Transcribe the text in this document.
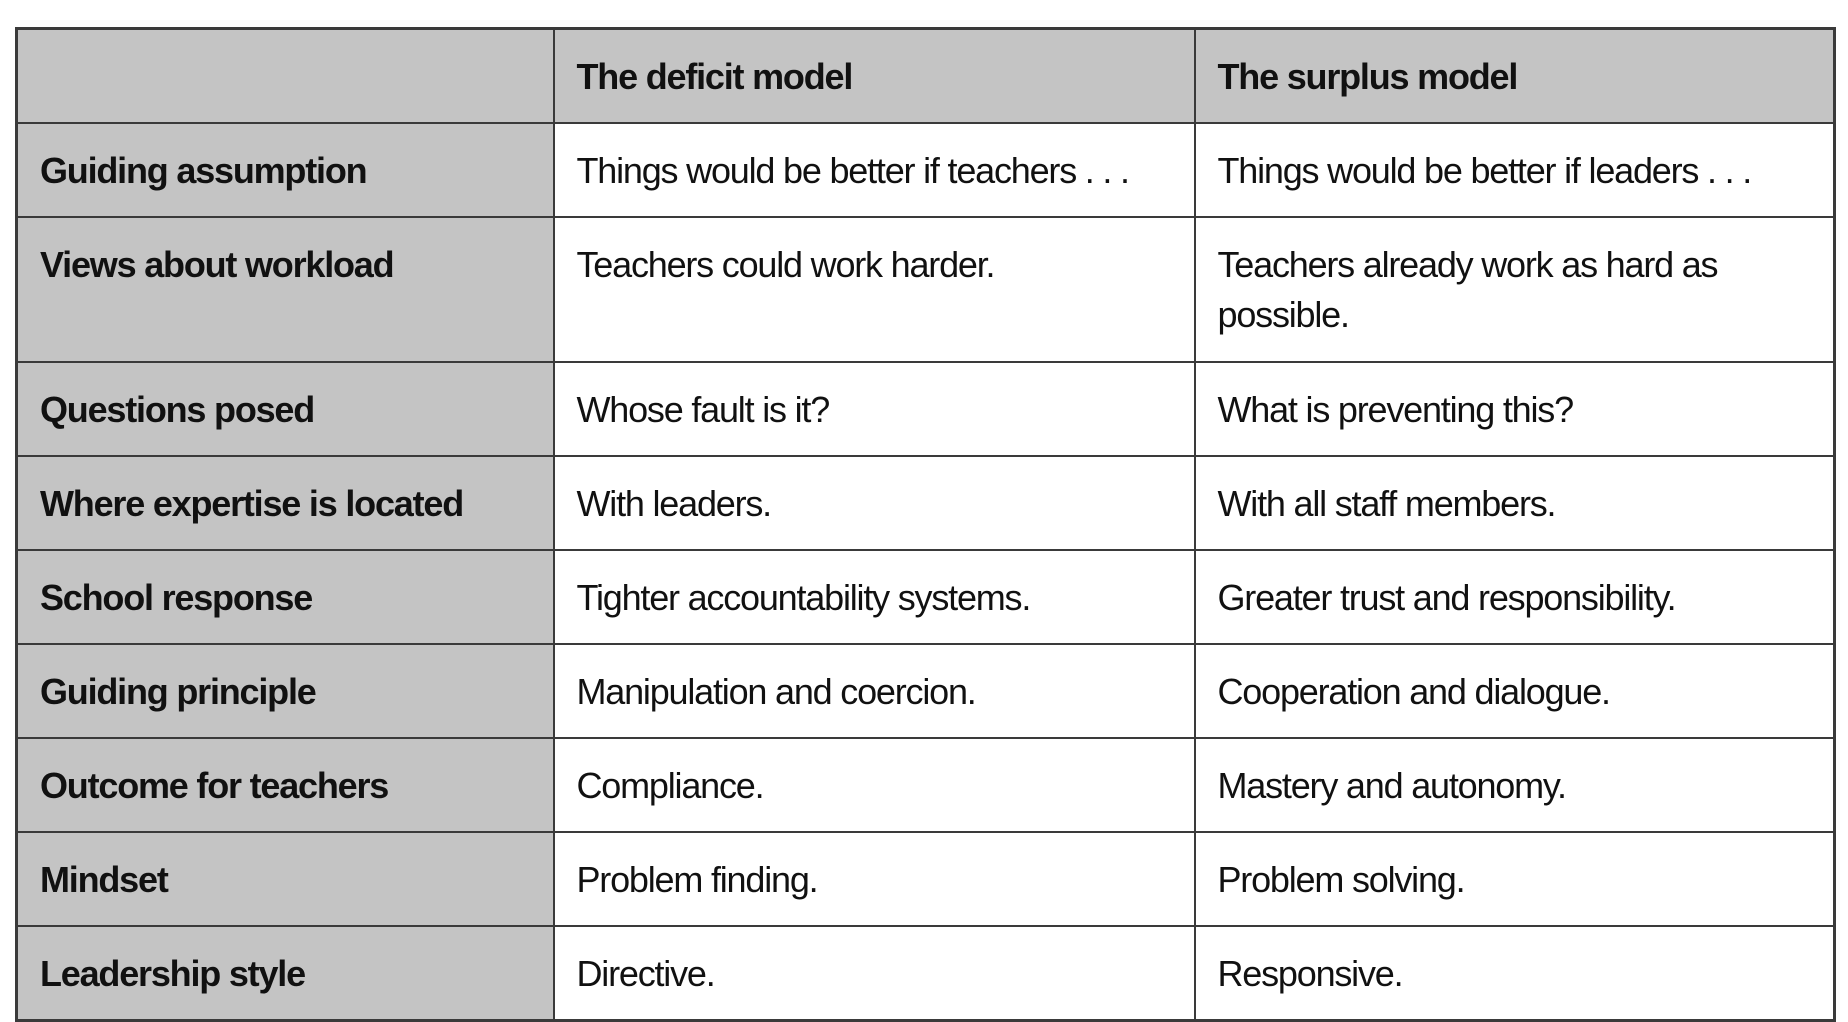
	The deficit model	The surplus model
Guiding assumption	Things would be better if teachers . . .	Things would be better if leaders . . .
Views about workload	Teachers could work harder.	Teachers already work as hard as possible.
Questions posed	Whose fault is it?	What is preventing this?
Where expertise is located	With leaders.	With all staff members.
School response	Tighter accountability systems.	Greater trust and responsibility.
Guiding principle	Manipulation and coercion.	Cooperation and dialogue.
Outcome for teachers	Compliance.	Mastery and autonomy.
Mindset	Problem finding.	Problem solving.
Leadership style	Directive.	Responsive.
